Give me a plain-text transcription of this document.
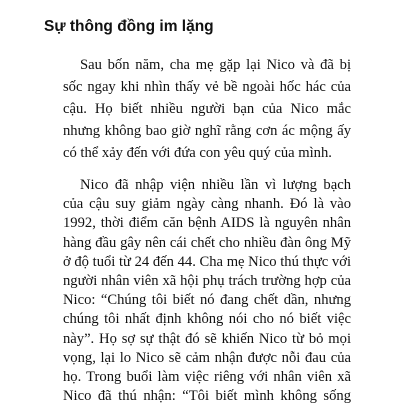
Sự thông đồng im lặng

Sau bốn năm, cha mẹ gặp lại Nico và đã bị

sốc ngay khi nhìn thấy vẻ bề ngoài hốc hác của

cậu. Họ biết nhiều người bạn của Nico mắc

nhưng không bao giờ nghĩ rằng cơn ác mộng ấy

có thể xảy đến với đứa con yêu quý của mình.

Nico đã nhập viện nhiều lần vì lượng bạch

của cậu suy giảm ngày càng nhanh. Đó là vào

1992, thời điểm căn bệnh AIDS là nguyên nhân

hàng đầu gây nên cái chết cho nhiều đàn ông Mỹ

ở độ tuổi từ 24 đến 44. Cha mẹ Nico thú thực với

người nhân viên xã hội phụ trách trường hợp của

Nico: “Chúng tôi biết nó đang chết dần, nhưng

chúng tôi nhất định không nói cho nó biết việc

này”. Họ sợ sự thật đó sẽ khiến Nico từ bỏ mọi

vọng, lại lo Nico sẽ cảm nhận được nỗi đau của

họ. Trong buổi làm việc riêng với nhân viên xã

Nico đã thú nhận: “Tôi biết mình không sống
